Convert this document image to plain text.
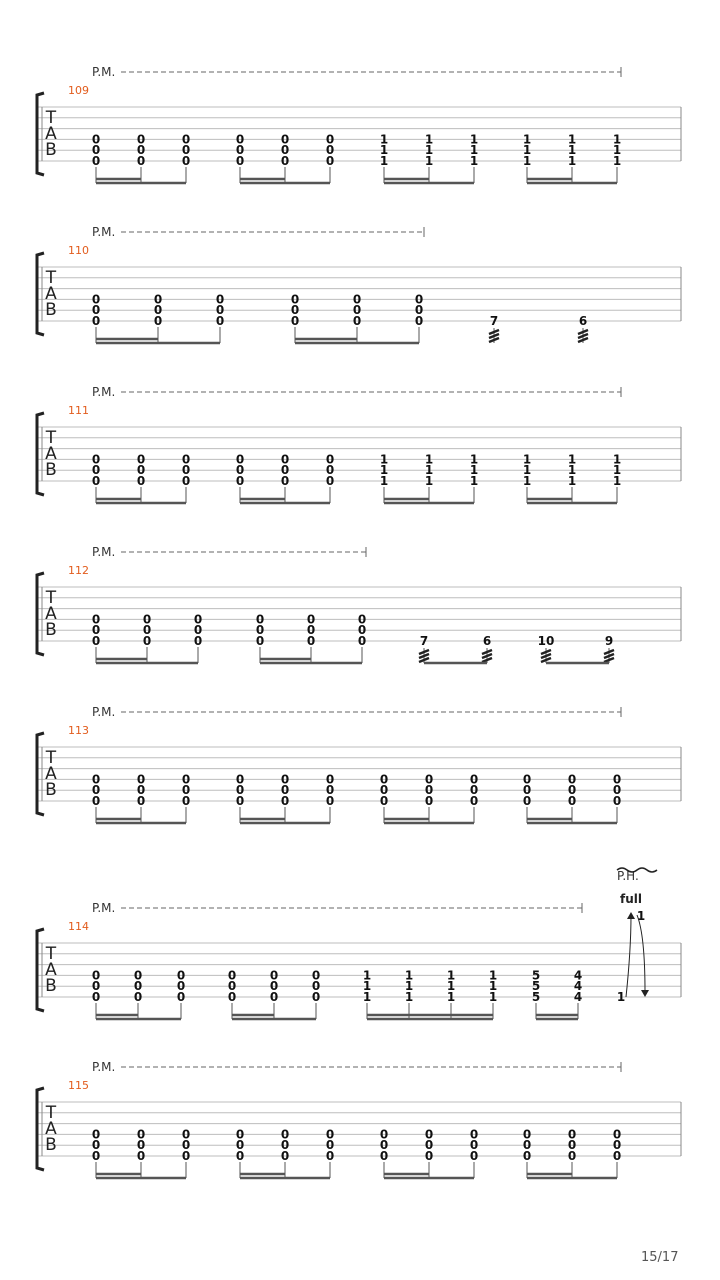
T
A
B
109
P.M.
0
0
0
0
0
0
0
0
0
0
0
0
0
0
0
0
0
0
1
1
1
1
1
1
1
1
1
1
1
1
1
1
1
1
1
1
T
A
B
110
P.M.
0
0
0
0
0
0
0
0
0
0
0
0
0
0
0
0
0
0	7	6
T
A
B
111
P.M.
0
0
0
0
0
0
0
0
0
0
0
0
0
0
0
0
0
0
1
1
1
1
1
1
1
1
1
1
1
1
1
1
1
1
1
1
T
A
B
112
P.M.
0
0
0
0
0
0
0
0
0
0
0
0
0
0
0
0
0
0	7	6	10	9
T
A
B
113
P.M.
0
0
0
0
0
0
0
0
0
0
0
0
0
0
0
0
0
0
0
0
0
0
0
0
0
0
0
0
0
0
0
0
0
0
0
0
T
A
B
114
P.M.
0
0
0
0
0
0
0
0
0
0
0
0
0
0
0
0
0
0
1
1
1
1
1
1
1
1
1
1
1
1
5
5
5
4
4
4	1
P.H.
full
1
T
A
B
115
P.M.
0
0
0
0
0
0
0
0
0
0
0
0
0
0
0
0
0
0
0
0
0
0
0
0
0
0
0
0
0
0
0
0
0
0
0
0
15/17
